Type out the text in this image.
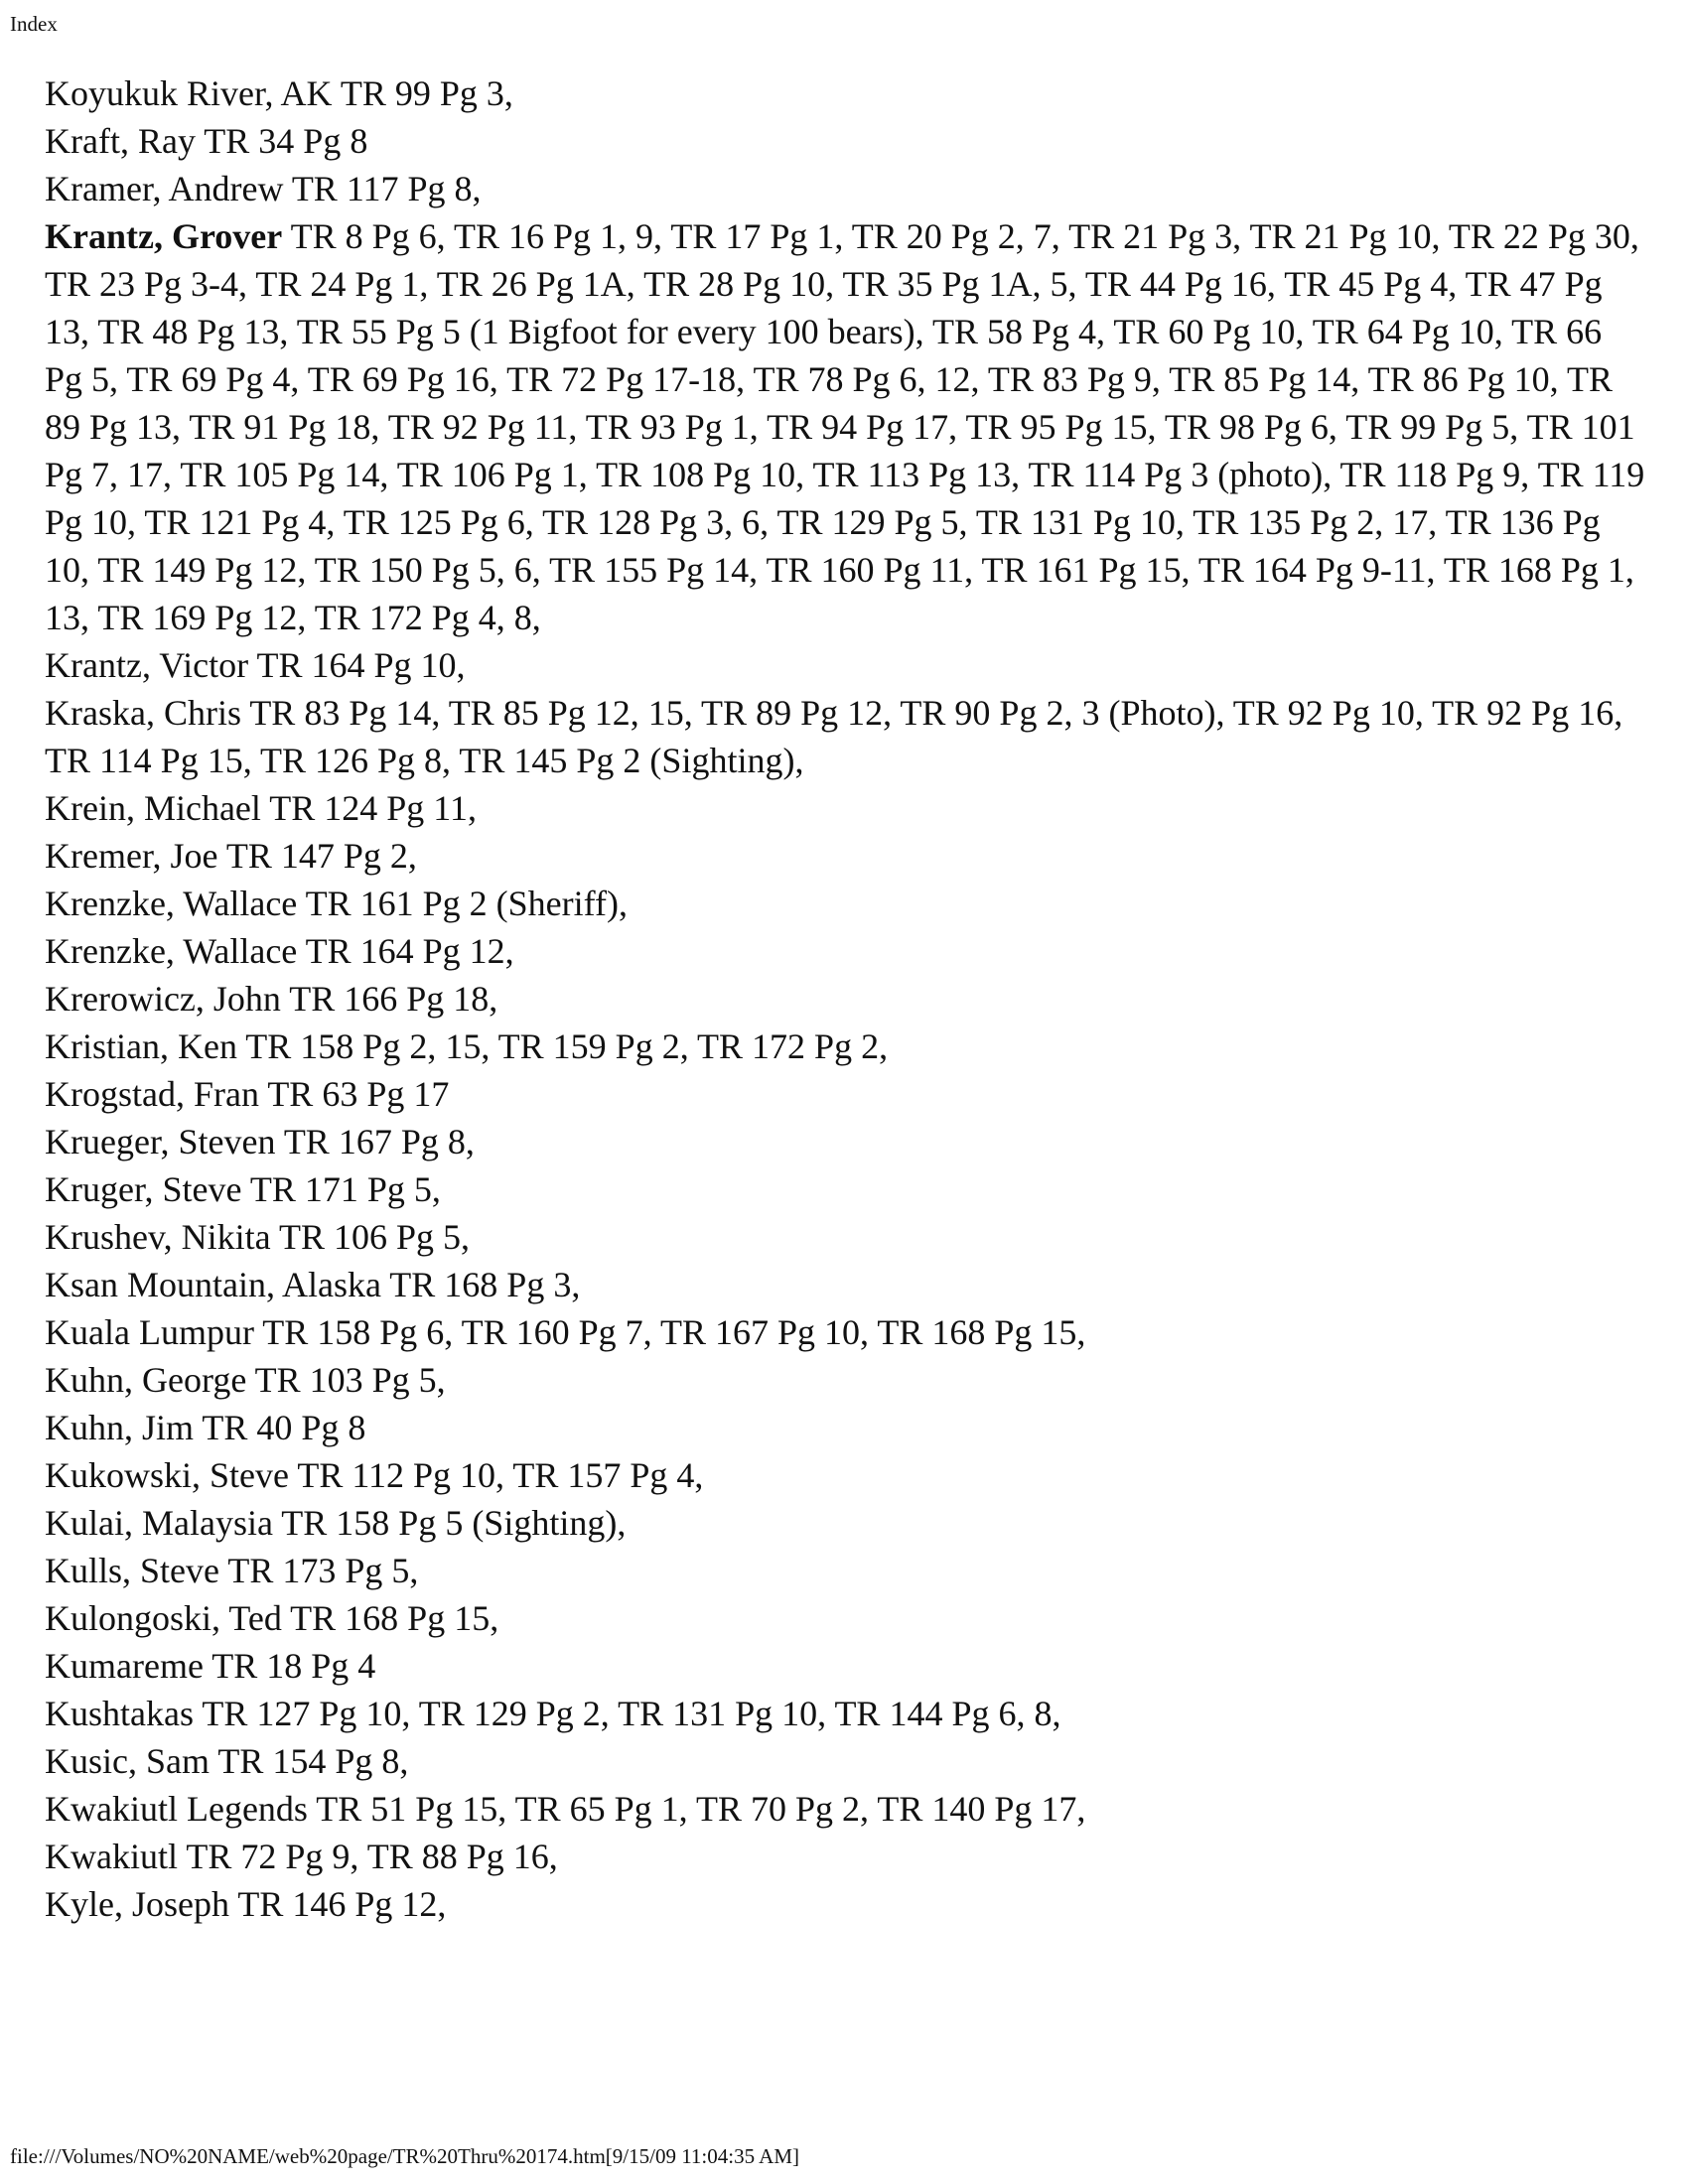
Index
Koyukuk River, AK TR 99 Pg 3,
Kraft, Ray TR 34 Pg 8
Kramer, Andrew TR 117 Pg 8,
Krantz, Grover TR 8 Pg 6, TR 16 Pg 1, 9, TR 17 Pg 1, TR 20 Pg 2, 7, TR 21 Pg 3, TR 21 Pg 10, TR 22 Pg 30, TR 23 Pg 3-4, TR 24 Pg 1, TR 26 Pg 1A, TR 28 Pg 10, TR 35 Pg 1A, 5, TR 44 Pg 16, TR 45 Pg 4, TR 47 Pg 13, TR 48 Pg 13, TR 55 Pg 5 (1 Bigfoot for every 100 bears), TR 58 Pg 4, TR 60 Pg 10, TR 64 Pg 10, TR 66 Pg 5, TR 69 Pg 4, TR 69 Pg 16, TR 72 Pg 17-18, TR 78 Pg 6, 12, TR 83 Pg 9, TR 85 Pg 14, TR 86 Pg 10, TR 89 Pg 13, TR 91 Pg 18, TR 92 Pg 11, TR 93 Pg 1, TR 94 Pg 17, TR 95 Pg 15, TR 98 Pg 6, TR 99 Pg 5, TR 101 Pg 7, 17, TR 105 Pg 14, TR 106 Pg 1, TR 108 Pg 10, TR 113 Pg 13, TR 114 Pg 3 (photo), TR 118 Pg 9, TR 119 Pg 10, TR 121 Pg 4, TR 125 Pg 6, TR 128 Pg 3, 6, TR 129 Pg 5, TR 131 Pg 10, TR 135 Pg 2, 17, TR 136 Pg 10, TR 149 Pg 12, TR 150 Pg 5, 6, TR 155 Pg 14, TR 160 Pg 11, TR 161 Pg 15, TR 164 Pg 9-11, TR 168 Pg 1, 13, TR 169 Pg 12, TR 172 Pg 4, 8,
Krantz, Victor TR 164 Pg 10,
Kraska, Chris TR 83 Pg 14, TR 85 Pg 12, 15, TR 89 Pg 12, TR 90 Pg 2, 3 (Photo), TR 92 Pg 10, TR 92 Pg 16, TR 114 Pg 15, TR 126 Pg 8, TR 145 Pg 2 (Sighting),
Krein, Michael TR 124 Pg 11,
Kremer, Joe TR 147 Pg 2,
Krenzke, Wallace TR 161 Pg 2 (Sheriff),
Krenzke, Wallace TR 164 Pg 12,
Krerowicz, John TR 166 Pg 18,
Kristian, Ken TR 158 Pg 2, 15, TR 159 Pg 2, TR 172 Pg 2,
Krogstad, Fran TR 63 Pg 17
Krueger, Steven TR 167 Pg 8,
Kruger, Steve TR 171 Pg 5,
Krushev, Nikita TR 106 Pg 5,
Ksan Mountain, Alaska TR 168 Pg 3,
Kuala Lumpur TR 158 Pg 6, TR 160 Pg 7, TR 167 Pg 10, TR 168 Pg 15,
Kuhn, George TR 103 Pg 5,
Kuhn, Jim TR 40 Pg 8
Kukowski, Steve TR 112 Pg 10, TR 157 Pg 4,
Kulai, Malaysia TR 158 Pg 5 (Sighting),
Kulls, Steve TR 173 Pg 5,
Kulongoski, Ted TR 168 Pg 15,
Kumareme TR 18 Pg 4
Kushtakas TR 127 Pg 10, TR 129 Pg 2, TR 131 Pg 10, TR 144 Pg 6, 8,
Kusic, Sam TR 154 Pg 8,
Kwakiutl Legends TR 51 Pg 15, TR 65 Pg 1, TR 70 Pg 2, TR 140 Pg 17,
Kwakiutl TR 72 Pg 9, TR 88 Pg 16,
Kyle, Joseph TR 146 Pg 12,
file:///Volumes/NO%20NAME/web%20page/TR%20Thru%20174.htm[9/15/09 11:04:35 AM]
